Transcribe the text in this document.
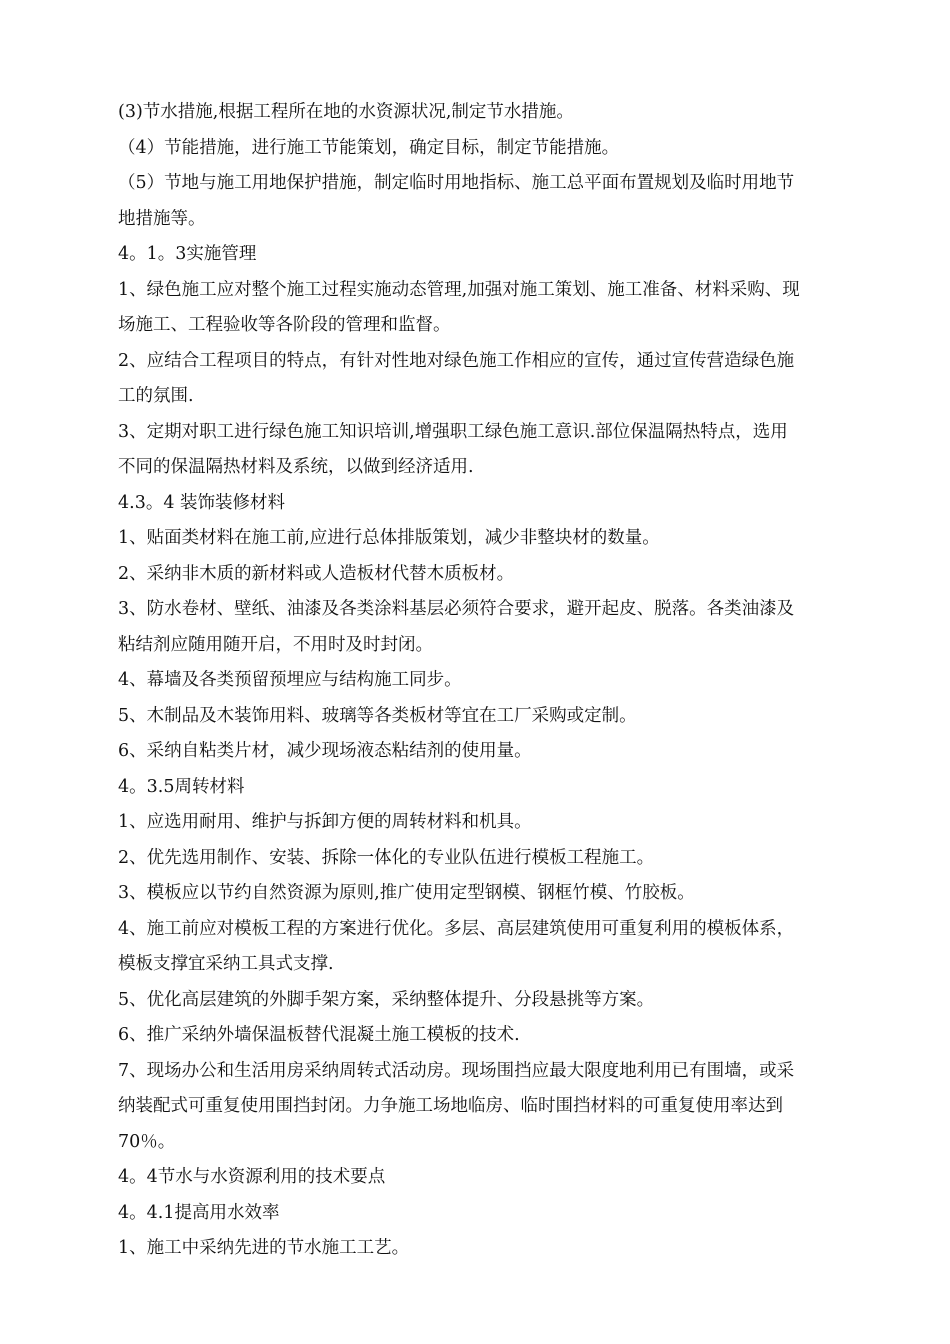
(3)节水措施,根据工程所在地的水资源状况,制定节水措施。
（4）节能措施，进行施工节能策划，确定目标，制定节能措施。
（5）节地与施工用地保护措施，制定临时用地指标、施工总平面布置规划及临时用地节
地措施等。
4。1。3实施管理
1、绿色施工应对整个施工过程实施动态管理,加强对施工策划、施工准备、材料采购、现
场施工、工程验收等各阶段的管理和监督。
2、应结合工程项目的特点，有针对性地对绿色施工作相应的宣传，通过宣传营造绿色施
工的氛围.
3、定期对职工进行绿色施工知识培训,增强职工绿色施工意识.部位保温隔热特点，选用
不同的保温隔热材料及系统，以做到经济适用.
4.3。4 装饰装修材料
1、贴面类材料在施工前,应进行总体排版策划，减少非整块材的数量。
2、采纳非木质的新材料或人造板材代替木质板材。
3、防水卷材、壁纸、油漆及各类涂料基层必须符合要求，避开起皮、脱落。各类油漆及
粘结剂应随用随开启，不用时及时封闭。
4、幕墙及各类预留预埋应与结构施工同步。
5、木制品及木装饰用料、玻璃等各类板材等宜在工厂采购或定制。
6、采纳自粘类片材，减少现场液态粘结剂的使用量。
4。3.5周转材料
1、应选用耐用、维护与拆卸方便的周转材料和机具。
2、优先选用制作、安装、拆除一体化的专业队伍进行模板工程施工。
3、模板应以节约自然资源为原则,推广使用定型钢模、钢框竹模、竹胶板。
4、施工前应对模板工程的方案进行优化。多层、高层建筑使用可重复利用的模板体系，
模板支撑宜采纳工具式支撑.
5、优化高层建筑的外脚手架方案，采纳整体提升、分段悬挑等方案。
6、推广采纳外墙保温板替代混凝土施工模板的技术.
7、现场办公和生活用房采纳周转式活动房。现场围挡应最大限度地利用已有围墙，或采
纳装配式可重复使用围挡封闭。力争施工场地临房、临时围挡材料的可重复使用率达到
70％。
4。4节水与水资源利用的技术要点
4。4.1提高用水效率
1、施工中采纳先进的节水施工工艺。
